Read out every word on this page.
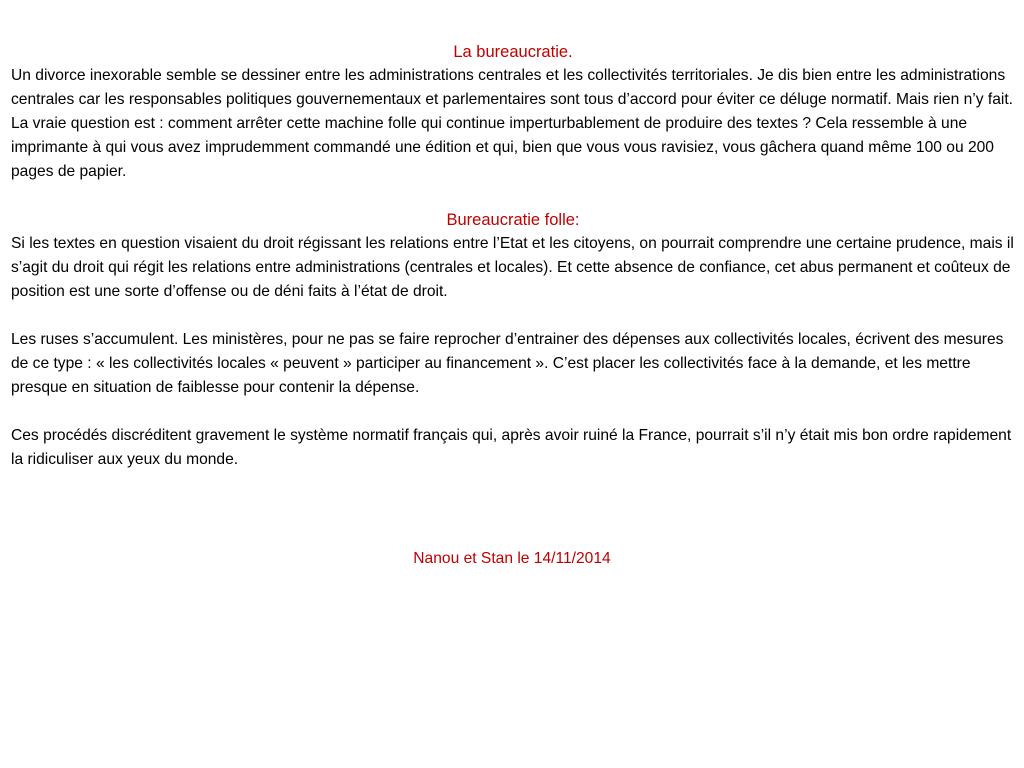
La bureaucratie.

Un divorce inexorable semble se dessiner entre les administrations centrales et les collectivités territoriales. Je dis bien entre les administrations centrales car les responsables politiques gouvernementaux et parlementaires sont tous d’accord pour éviter ce déluge normatif. Mais rien n’y fait. La vraie question est : comment arrêter cette machine folle qui continue imperturbablement de produire des textes ? Cela ressemble à une imprimante à qui vous avez imprudemment commandé une édition et qui, bien que vous vous ravisiez, vous gâchera quand même 100 ou 200 pages de papier.

Bureaucratie folle:

Si les textes en question visaient du droit régissant les relations entre l’Etat et les citoyens, on pourrait comprendre une certaine prudence, mais il s’agit du droit qui régit les relations entre administrations (centrales et locales). Et cette absence de confiance, cet abus permanent et coûteux de position est une sorte d’offense ou de déni faits à l’état de droit.

Les ruses s’accumulent. Les ministères, pour ne pas se faire reprocher d’entrainer des dépenses aux collectivités locales, écrivent des mesures de ce type : « les collectivités locales « peuvent » participer au financement ». C’est placer les collectivités face à la demande, et les mettre presque en situation de faiblesse pour contenir la dépense.

Ces procédés discréditent gravement le système normatif français qui, après avoir ruiné la France, pourrait s’il n’y était mis bon ordre rapidement la ridiculiser aux yeux du monde.

Nanou et Stan le 14/11/2014
